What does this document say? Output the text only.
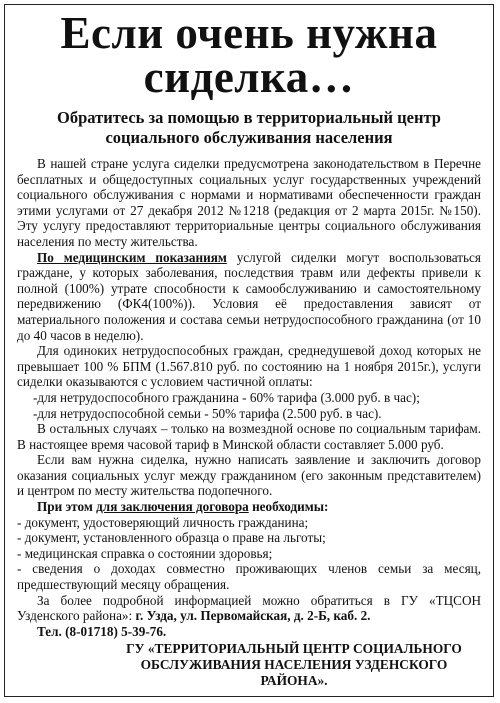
Если очень нужна
сиделка…
Обратитесь за помощью в территориальный центр
социального обслуживания населения

В нашей стране услуга сиделки предусмотрена законодательством в Перечне бесплатных и общедоступных социальных услуг государственных учреждений социального обслуживания с нормами и нормативами обеспеченности граждан этими услугами от 27 декабря 2012 №1218 (редакция от 2 марта 2015г. №150). Эту услугу предоставляют территориальные центры социального обслуживания населения по месту жительства.

По медицинским показаниям услугой сиделки могут воспользоваться граждане, у которых заболевания, последствия травм или дефекты привели к полной (100%) утрате способности к самообслуживанию и самостоятельному передвижению (ФК4(100%)). Условия её предоставления зависят от материального положения и состава семьи нетрудоспособного гражданина (от 10 до 40 часов в неделю).

Для одиноких нетрудоспособных граждан, среднедушевой доход которых не превышает 100 % БПМ (1.567.810 руб. по состоянию на 1 ноября 2015г.), услуги сиделки оказываются с условием частичной оплаты:

-для нетрудоспособного гражданина - 60% тарифа (3.000 руб. в час);

-для нетрудоспособной семьи - 50% тарифа (2.500 руб. в час).

В остальных случаях – только на возмездной основе по социальным тарифам. В настоящее время часовой тариф в Минской области составляет 5.000 руб.

Если вам нужна сиделка, нужно написать заявление и заключить договор оказания социальных услуг между гражданином (его законным представителем) и центром по месту жительства подопечного.

При этом для заключения договора необходимы:

- документ, удостоверяющий личность гражданина;

- документ, установленного образца о праве на льготы;

- медицинская справка о состоянии здоровья;

- сведения о доходах совместно проживающих членов семьи за месяц, предшествующий месяцу обращения.

За более подробной информацией можно обратиться в ГУ «ТЦСОН Узденского района»: г. Узда, ул. Первомайская, д. 2-Б, каб. 2.

Тел. (8-01718) 5-39-76.

ГУ «ТЕРРИТОРИАЛЬНЫЙ ЦЕНТР СОЦИАЛЬНОГО
ОБСЛУЖИВАНИЯ НАСЕЛЕНИЯ УЗДЕНСКОГО РАЙОНА».
